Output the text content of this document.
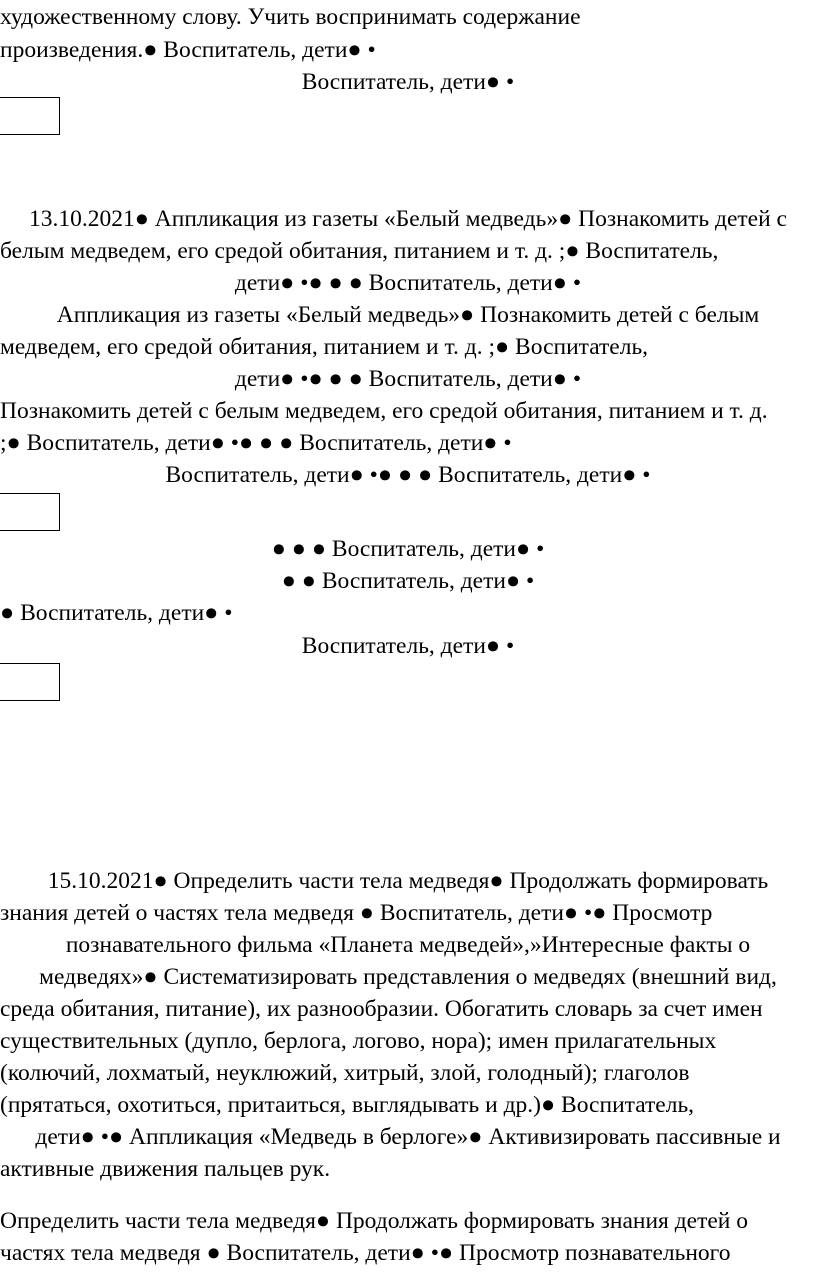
художественному слову. Учить воспринимать содержание
произведения.● Воспитатель, дети● •
Воспитатель, дети● •
13.10.2021● Аппликация из газеты «Белый медведь»● Познакомить детей с
белым медведем, его средой обитания, питанием и т. д. ;● Воспитатель,
дети● •● ● ● Воспитатель, дети● •
Аппликация из газеты «Белый медведь»● Познакомить детей с белым
медведем, его средой обитания, питанием и т. д. ;● Воспитатель,
дети● •● ● ● Воспитатель, дети● •
Познакомить детей с белым медведем, его средой обитания, питанием и т. д.
;● Воспитатель, дети● •● ● ● Воспитатель, дети● •
Воспитатель, дети● •● ● ● Воспитатель, дети● •
● ● ● Воспитатель, дети● •
● ● Воспитатель, дети● •
● Воспитатель, дети● •
Воспитатель, дети● •
15.10.2021● Определить части тела медведя● Продолжать формировать
знания детей о частях тела медведя ● Воспитатель, дети● •● Просмотр
познавательного фильма «Планета медведей»,»Интересные факты о
медведях»● Систематизировать представления о медведях (внешний вид,
среда обитания, питание), их разнообразии. Обогатить словарь за счет имен
существительных (дупло, берлога, логово, нора); имен прилагательных
(колючий, лохматый, неуклюжий, хитрый, злой, голодный); глаголов
(прятаться, охотиться, притаиться, выглядывать и др.)● Воспитатель,
дети● •● Аппликация «Медведь в берлоге»● Активизировать пассивные и
активные движения пальцев рук.
Определить части тела медведя● Продолжать формировать знания детей о
частях тела медведя ● Воспитатель, дети● •● Просмотр познавательного
